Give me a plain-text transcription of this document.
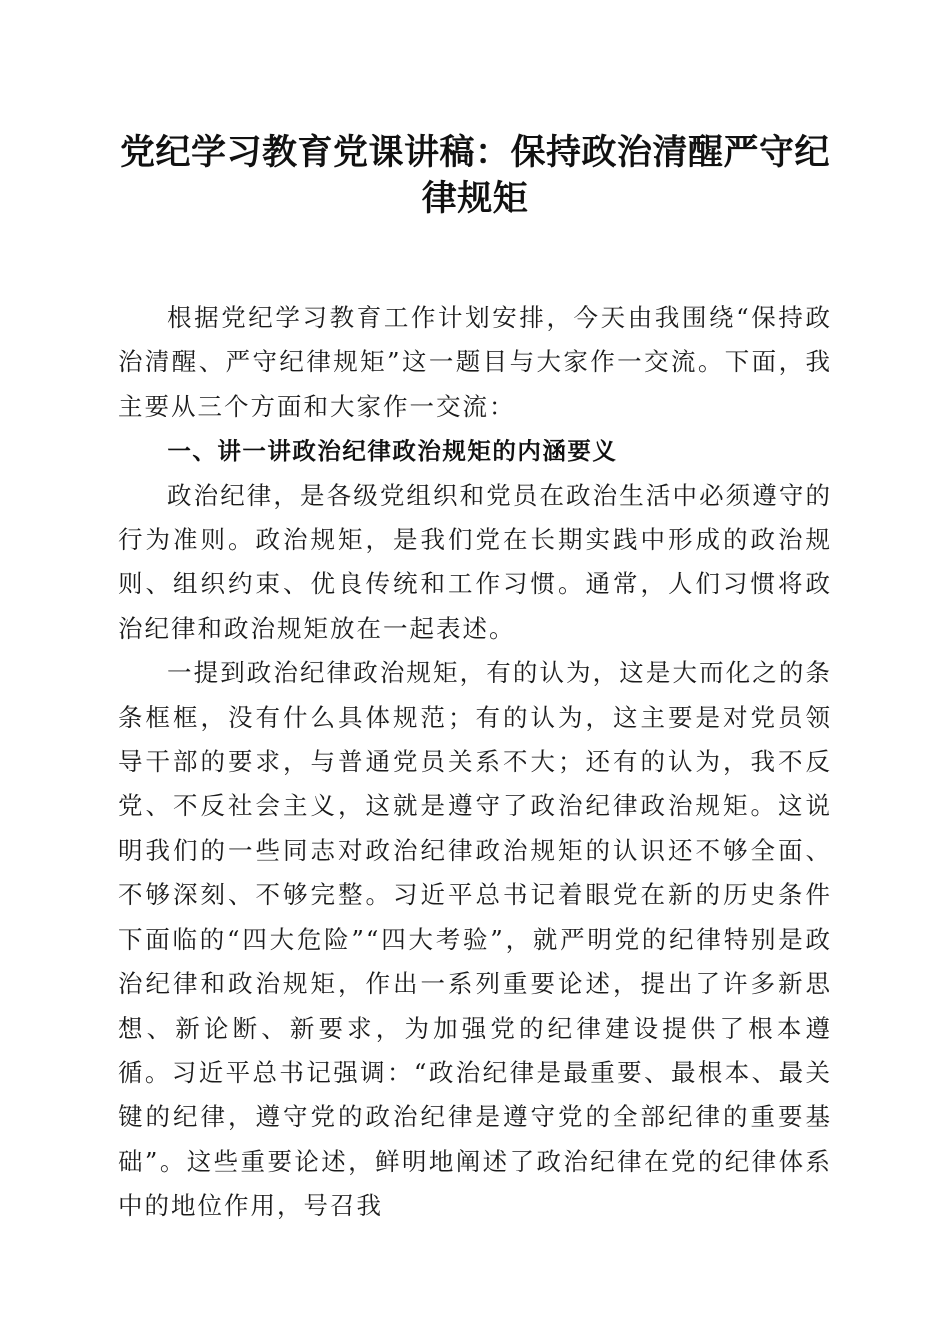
党纪学习教育党课讲稿：保持政治清醒严守纪律规矩

根据党纪学习教育工作计划安排，今天由我围绕“保持政治清醒、严守纪律规矩”这一题目与大家作一交流。下面，我主要从三个方面和大家作一交流：

一、讲一讲政治纪律政治规矩的内涵要义

政治纪律，是各级党组织和党员在政治生活中必须遵守的行为准则。政治规矩，是我们党在长期实践中形成的政治规则、组织约束、优良传统和工作习惯。通常，人们习惯将政治纪律和政治规矩放在一起表述。

一提到政治纪律政治规矩，有的认为，这是大而化之的条条框框，没有什么具体规范；有的认为，这主要是对党员领导干部的要求，与普通党员关系不大；还有的认为，我不反党、不反社会主义，这就是遵守了政治纪律政治规矩。这说明我们的一些同志对政治纪律政治规矩的认识还不够全面、不够深刻、不够完整。习近平总书记着眼党在新的历史条件下面临的“四大危险”“四大考验”，就严明党的纪律特别是政治纪律和政治规矩，作出一系列重要论述，提出了许多新思想、新论断、新要求，为加强党的纪律建设提供了根本遵循。习近平总书记强调：“政治纪律是最重要、最根本、最关键的纪律，遵守党的政治纪律是遵守党的全部纪律的重要基础”。这些重要论述，鲜明地阐述了政治纪律在党的纪律体系中的地位作用，号召我
